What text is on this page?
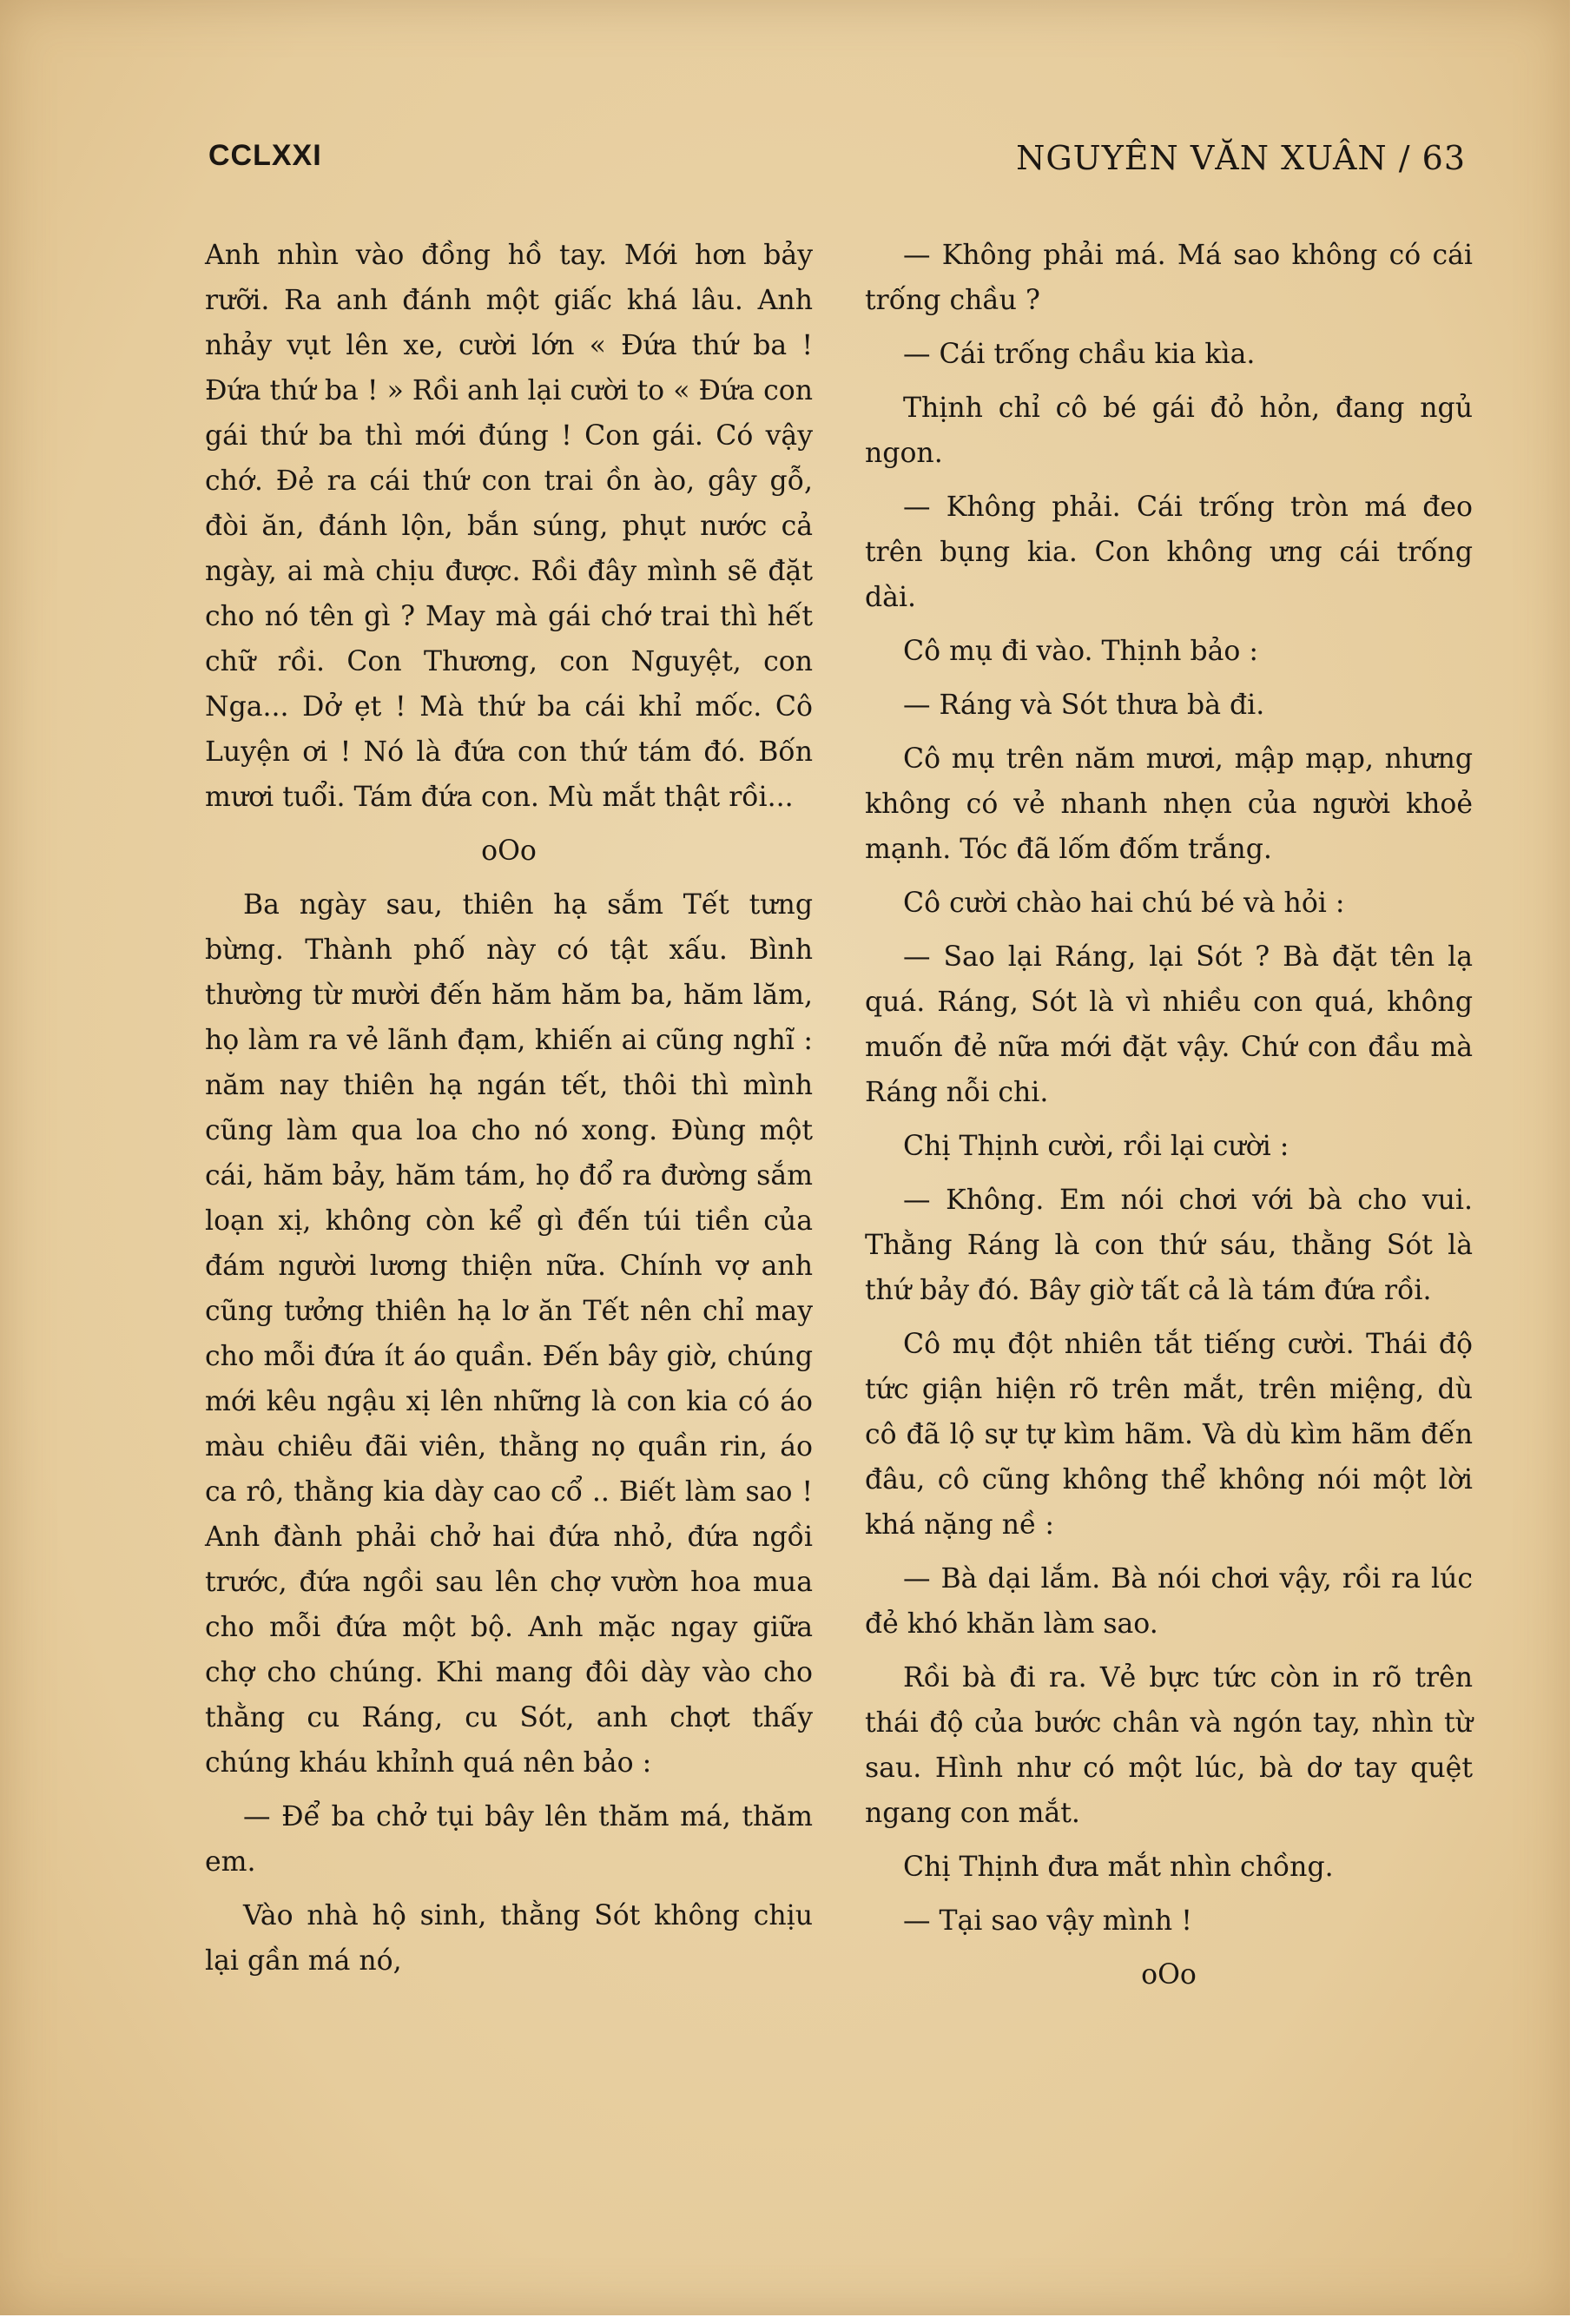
CCLXXI	NGUYÊN VĂN XUÂN / 63

Anh nhìn vào đồng hồ tay. Mới hơn bảy rưỡi. Ra anh đánh một giấc khá lâu. Anh nhảy vụt lên xe, cười lớn « Đứa thứ ba ! Đứa thứ ba ! » Rồi anh lại cười to « Đứa con gái thứ ba thì mới đúng ! Con gái. Có vậy chớ. Đẻ ra cái thứ con trai ồn ào, gây gỗ, đòi ăn, đánh lộn, bắn súng, phụt nước cả ngày, ai mà chịu được. Rồi đây mình sẽ đặt cho nó tên gì ? May mà gái chớ trai thì hết chữ rồi. Con Thương, con Nguyệt, con Nga... Dở ẹt ! Mà thứ ba cái khỉ mốc. Cô Luyện ơi ! Nó là đứa con thứ tám đó. Bốn mươi tuổi. Tám đứa con. Mù mắt thật rồi...

oOo

Ba ngày sau, thiên hạ sắm Tết tưng bừng. Thành phố này có tật xấu. Bình thường từ mười đến hăm hăm ba, hăm lăm, họ làm ra vẻ lãnh đạm, khiến ai cũng nghĩ : năm nay thiên hạ ngán tết, thôi thì mình cũng làm qua loa cho nó xong. Đùng một cái, hăm bảy, hăm tám, họ đổ ra đường sắm loạn xị, không còn kể gì đến túi tiền của đám người lương thiện nữa. Chính vợ anh cũng tưởng thiên hạ lơ ăn Tết nên chỉ may cho mỗi đứa ít áo quần. Đến bây giờ, chúng mới kêu ngậu xị lên những là con kia có áo màu chiêu đãi viên, thằng nọ quần rin, áo ca rô, thằng kia dày cao cổ .. Biết làm sao ! Anh đành phải chở hai đứa nhỏ, đứa ngồi trước, đứa ngồi sau lên chợ vườn hoa mua cho mỗi đứa một bộ. Anh mặc ngay giữa chợ cho chúng. Khi mang đôi dày vào cho thằng cu Ráng, cu Sót, anh chợt thấy chúng kháu khỉnh quá nên bảo :

— Để ba chở tụi bây lên thăm má, thăm em.

Vào nhà hộ sinh, thằng Sót không chịu lại gần má nó,

— Không phải má. Má sao không có cái trống chầu ?

— Cái trống chầu kia kìa.

Thịnh chỉ cô bé gái đỏ hỏn, đang ngủ ngon.

— Không phải. Cái trống tròn má đeo trên bụng kia. Con không ưng cái trống dài.

Cô mụ đi vào. Thịnh bảo :

— Ráng và Sót thưa bà đi.

Cô mụ trên năm mươi, mập mạp, nhưng không có vẻ nhanh nhẹn của người khoẻ mạnh. Tóc đã lốm đốm trắng.

Cô cười chào hai chú bé và hỏi :

— Sao lại Ráng, lại Sót ? Bà đặt tên lạ quá. Ráng, Sót là vì nhiều con quá, không muốn đẻ nữa mới đặt vậy. Chứ con đầu mà Ráng nỗi chi.

Chị Thịnh cười, rồi lại cười :

— Không. Em nói chơi với bà cho vui. Thằng Ráng là con thứ sáu, thằng Sót là thứ bảy đó. Bây giờ tất cả là tám đứa rồi.

Cô mụ đột nhiên tắt tiếng cười. Thái độ tức giận hiện rõ trên mắt, trên miệng, dù cô đã lộ sự tự kìm hãm. Và dù kìm hãm đến đâu, cô cũng không thể không nói một lời khá nặng nề :

— Bà dại lắm. Bà nói chơi vậy, rồi ra lúc đẻ khó khăn làm sao.

Rồi bà đi ra. Vẻ bực tức còn in rõ trên thái độ của bước chân và ngón tay, nhìn từ sau. Hình như có một lúc, bà dơ tay quệt ngang con mắt.

Chị Thịnh đưa mắt nhìn chồng.

— Tại sao vậy mình !

oOo
